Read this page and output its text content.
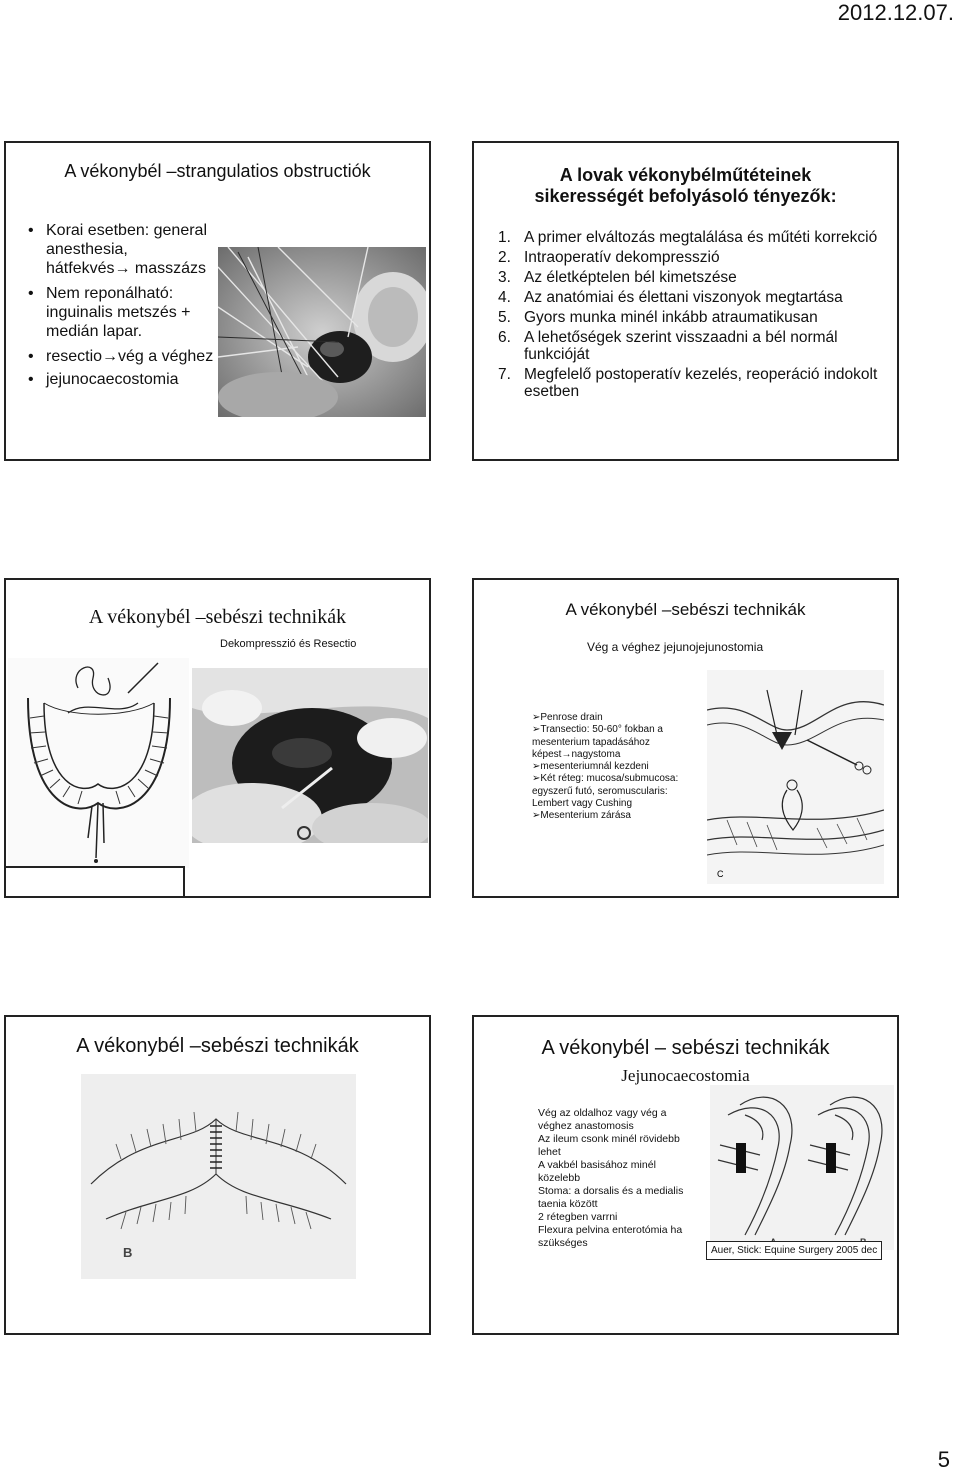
2012.12.07.
A vékonybél –strangulatios obstructiók
• Korai esetben: general anesthesia, hátfekvés→ masszázs
• Nem reponálható: inguinalis metszés + medián lapar.
• resectio→vég a véghez
• jejunocaecostomia
A lovak vékonybélműtéteinek sikerességét befolyásoló tényezők:
1. A primer elváltozás megtalálása és műtéti korrekció
2. Intraoperatív dekompresszió
3. Az életképtelen bél kimetszése
4. Az anatómiai és élettani viszonyok megtartása
5. Gyors munka minél inkább atraumatikusan
6. A lehetőségek szerint visszaadni a bél normál funkcióját
7. Megfelelő postoperatív kezelés, reoperáció indokolt esetben
A vékonybél –sebészi technikák
Dekompresszió és Resectio
A vékonybél –sebészi technikák
Vég a véghez jejunojejunostomia
➢Penrose drain
➢Transectio: 50-60° fokban a mesenterium tapadásához képest→nagystoma
➢mesenteriumnál kezdeni
➢Két réteg: mucosa/submucosa: egyszerű futó, seromuscularis: Lembert vagy Cushing
➢Mesenterium zárása
C
A vékonybél –sebészi technikák
B
A vékonybél – sebészi technikák
Jejunocaecostomia

Vég az oldalhoz vagy vég a véghez anastomosis

Az ileum csonk minél rövidebb lehet

A vakbél basisához minél közelebb

Stoma: a dorsalis és a medialis taenia között

2 rétegben varrni

Flexura pelvina enterotómia ha szükséges

Auer, Stick: Equine Surgery 2005 dec
5
